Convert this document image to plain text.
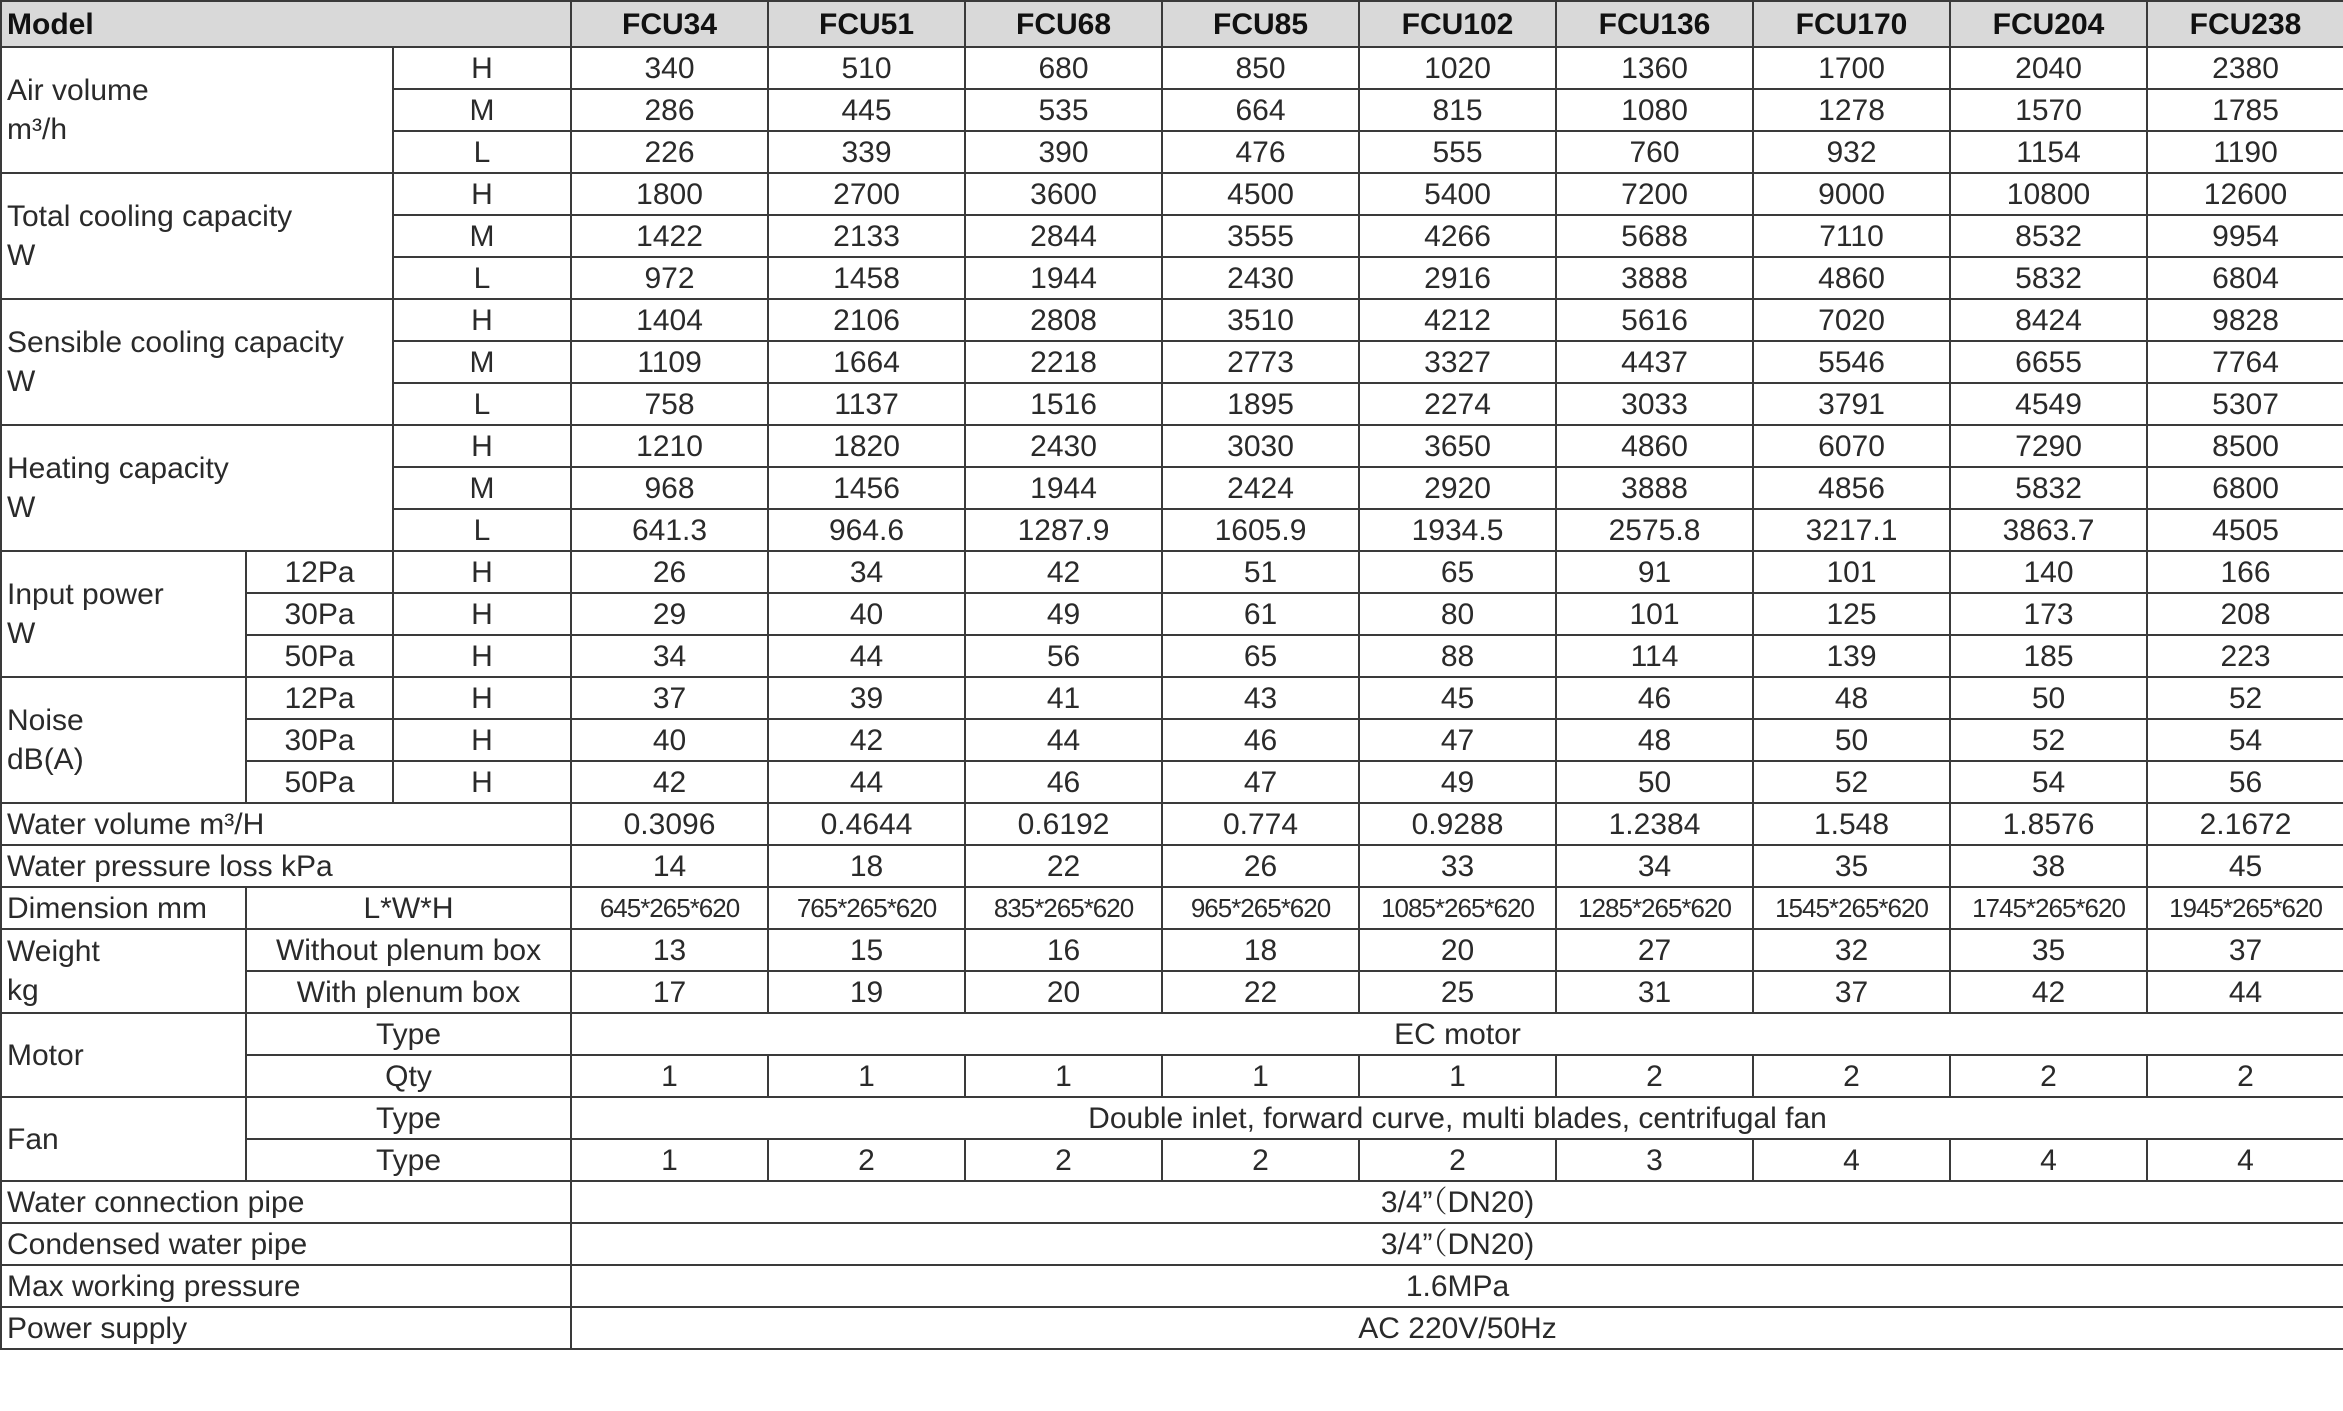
Model			FCU34	FCU51	FCU68	FCU85	FCU102	FCU136	FCU170	FCU204	FCU238

Air volume
m³/h		H	340	510	680	850	1020	1360	1700	2040	2380
		M	286	445	535	664	815	1080	1278	1570	1785
		L	226	339	390	476	555	760	932	1154	1190

Total cooling capacity
W		H	1800	2700	3600	4500	5400	7200	9000	10800	12600
		M	1422	2133	2844	3555	4266	5688	7110	8532	9954
		L	972	1458	1944	2430	2916	3888	4860	5832	6804

Sensible cooling capacity
W		H	1404	2106	2808	3510	4212	5616	7020	8424	9828
		M	1109	1664	2218	2773	3327	4437	5546	6655	7764
		L	758	1137	1516	1895	2274	3033	3791	4549	5307

Heating capacity
W		H	1210	1820	2430	3030	3650	4860	6070	7290	8500
		M	968	1456	1944	2424	2920	3888	4856	5832	6800
		L	641.3	964.6	1287.9	1605.9	1934.5	2575.8	3217.1	3863.7	4505

Input power
W	12Pa	H	26	34	42	51	65	91	101	140	166
	30Pa	H	29	40	49	61	80	101	125	173	208
	50Pa	H	34	44	56	65	88	114	139	185	223

Noise
dB(A)	12Pa	H	37	39	41	43	45	46	48	50	52
	30Pa	H	40	42	44	46	47	48	50	52	54
	50Pa	H	42	44	46	47	49	50	52	54	56
Water volume m³/H			0.3096	0.4644	0.6192	0.774	0.9288	1.2384	1.548	1.8576	2.1672
Water pressure loss kPa			14	18	22	26	33	34	35	38	45
Dimension mm	L*W*H		645*265*620	765*265*620	835*265*620	965*265*620	1085*265*620	1285*265*620	1545*265*620	1745*265*620	1945*265*620

Weight
kg	Without plenum box		13	15	16	18	20	27	32	35	37
	With plenum box		17	19	20	22	25	31	37	42	44
Motor	Type		EC motor								
	Qty		1	1	1	1	1	2	2	2	2
Fan	Type		Double inlet, forward curve, multi blades, centrifugal fan								
	Type		1	2	2	2	2	3	4	4	4
Water connection pipe			3/4”（DN20)								
Condensed water pipe			3/4”（DN20)								
Max working pressure			1.6MPa								
Power supply			AC 220V/50Hz								
